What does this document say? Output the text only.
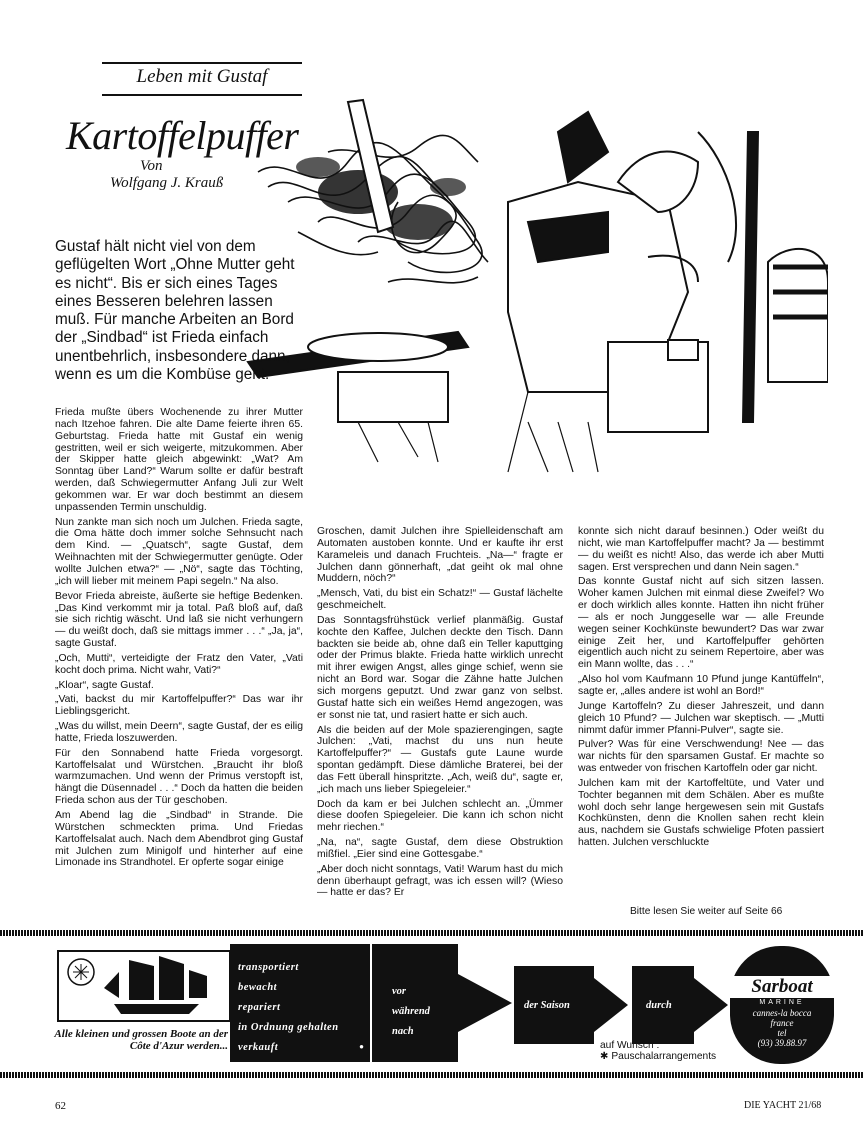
Leben mit Gustaf
Kartoffelpuffer
Von
Wolfgang J. Krauß
Gustaf hält nicht viel von dem geflügelten Wort „Ohne Mutter geht es nicht“. Bis er sich eines Tages eines Besseren belehren lassen muß. Für manche Arbeiten an Bord der „Sindbad“ ist Frieda einfach unentbehrlich, insbesondere dann, wenn es um die Kombüse geht.

Frieda mußte übers Wochenende zu ihrer Mutter nach Itzehoe fahren. Die alte Dame feierte ihren 65. Geburtstag. Frieda hatte mit Gustaf ein wenig gestritten, weil er sich weigerte, mitzukommen. Aber der Skipper hatte gleich abgewinkt: „Wat? Am Sonntag über Land?“ Warum sollte er dafür bestraft werden, daß Schwiegermutter Anfang Juli zur Welt gekommen war. Er war doch bestimmt an diesem unpassenden Termin unschuldig.

Nun zankte man sich noch um Julchen. Frieda sagte, die Oma hätte doch immer solche Sehnsucht nach dem Kind. — „Quatsch“, sagte Gustaf, dem Weihnachten mit der Schwiegermutter genügte. Oder wollte Julchen etwa?“ — „Nö“, sagte das Töchting, „ich will lieber mit meinem Papi segeln.“ Na also.

Bevor Frieda abreiste, äußerte sie heftige Bedenken. „Das Kind verkommt mir ja total. Paß bloß auf, daß sie sich richtig wäscht. Und laß sie nicht verhungern — du weißt doch, daß sie mittags immer . . .“ „Ja, ja“, sagte Gustaf.

„Och, Mutti“, verteidigte der Fratz den Vater, „Vati kocht doch prima. Nicht wahr, Vati?“

„Kloar“, sagte Gustaf.

„Vati, backst du mir Kartoffelpuffer?“ Das war ihr Lieblingsgericht.

„Was du willst, mein Deern“, sagte Gustaf, der es eilig hatte, Frieda loszuwerden.

Für den Sonnabend hatte Frieda vorgesorgt. Kartoffelsalat und Würstchen. „Braucht ihr bloß warmzumachen. Und wenn der Primus verstopft ist, hängt die Düsennadel . . .“ Doch da hatten die beiden Frieda schon aus der Tür geschoben.

Am Abend lag die „Sindbad“ in Strande. Die Würstchen schmeckten prima. Und Friedas Kartoffelsalat auch. Nach dem Abendbrot ging Gustaf mit Julchen zum Minigolf und hinterher auf eine Limonade ins Strandhotel. Er opferte sogar einige

Groschen, damit Julchen ihre Spielleidenschaft am Automaten austoben konnte. Und er kaufte ihr erst Karameleis und danach Fruchteis. „Na—“ fragte er Julchen dann gönnerhaft, „dat geiht ok mal ohne Muddern, nöch?“

„Mensch, Vati, du bist ein Schatz!“ — Gustaf lächelte geschmeichelt.

Das Sonntagsfrühstück verlief planmäßig. Gustaf kochte den Kaffee, Julchen deckte den Tisch. Dann backten sie beide ab, ohne daß ein Teller kaputtging oder der Primus blakte. Frieda hatte wirklich unrecht mit ihrer ewigen Angst, alles ginge schief, wenn sie nicht an Bord war. Sogar die Zähne hatte Julchen sich morgens geputzt. Und zwar ganz von selbst. Gustaf hatte sich ein weißes Hemd angezogen, was er sonst nie tat, und rasiert hatte er sich auch.

Als die beiden auf der Mole spazierengingen, sagte Julchen: „Vati, machst du uns nun heute Kartoffelpuffer?“ — Gustafs gute Laune wurde spontan gedämpft. Diese dämliche Braterei, bei der das Fett überall hinspritzte. „Ach, weiß du“, sagte er, „ich mach uns lieber Spiegeleier.“

Doch da kam er bei Julchen schlecht an. „Ümmer diese doofen Spiegeleier. Die kann ich schon nicht mehr riechen.“

„Na, na“, sagte Gustaf, dem diese Obstruktion mißfiel. „Eier sind eine Gottesgabe.“

„Aber doch nicht sonntags, Vati! Warum hast du mich denn überhaupt gefragt, was ich essen will? (Wieso — hatte er das? Er

konnte sich nicht darauf besinnen.) Oder weißt du nicht, wie man Kartoffelpuffer macht? Ja — bestimmt — du weißt es nicht! Also, das werde ich aber Mutti sagen. Erst versprechen und dann Nein sagen.“

Das konnte Gustaf nicht auf sich sitzen lassen. Woher kamen Julchen mit einmal diese Zweifel? Wo er doch wirklich alles konnte. Hatten ihn nicht früher — als er noch Junggeselle war — alle Freunde wegen seiner Kochkünste bewundert? Das war zwar einige Zeit her, und Kartoffelpuffer gehörten eigentlich auch nicht zu seinem Repertoire, aber was ein Mann wollte, das . . .“

„Also hol vom Kaufmann 10 Pfund junge Kantüffeln“, sagte er, „alles andere ist wohl an Bord!“

Junge Kartoffeln? Zu dieser Jahreszeit, und dann gleich 10 Pfund? — Julchen war skeptisch. — „Mutti nimmt dafür immer Pfanni-Pulver“, sagte sie.

Pulver? Was für eine Verschwendung! Nee — das war nichts für den sparsamen Gustaf. Er machte so was entweder von frischen Kartoffeln oder gar nicht.

Julchen kam mit der Kartoffeltüte, und Vater und Tochter begannen mit dem Schälen. Aber es mußte wohl doch sehr lange hergewesen sein mit Gustafs Kochkünsten, denn die Knollen sahen recht klein aus, nachdem sie Gustafs schwielige Pfoten passiert hatten. Julchen verschluckte

Bitte lesen Sie weiter auf Seite 66
Alle kleinen und grossen Boote an der Côte d'Azur werden...
transportiert
bewacht
repariert
in Ordnung gehalten
verkauft	●
vor
während
nach
der Saison	durch
auf Wunsch :
✱ Pauschalarrangements
Sarboat
MARINE
cannes-la bocca
france
tel
(93) 39.88.97
62	DIE YACHT 21/68
